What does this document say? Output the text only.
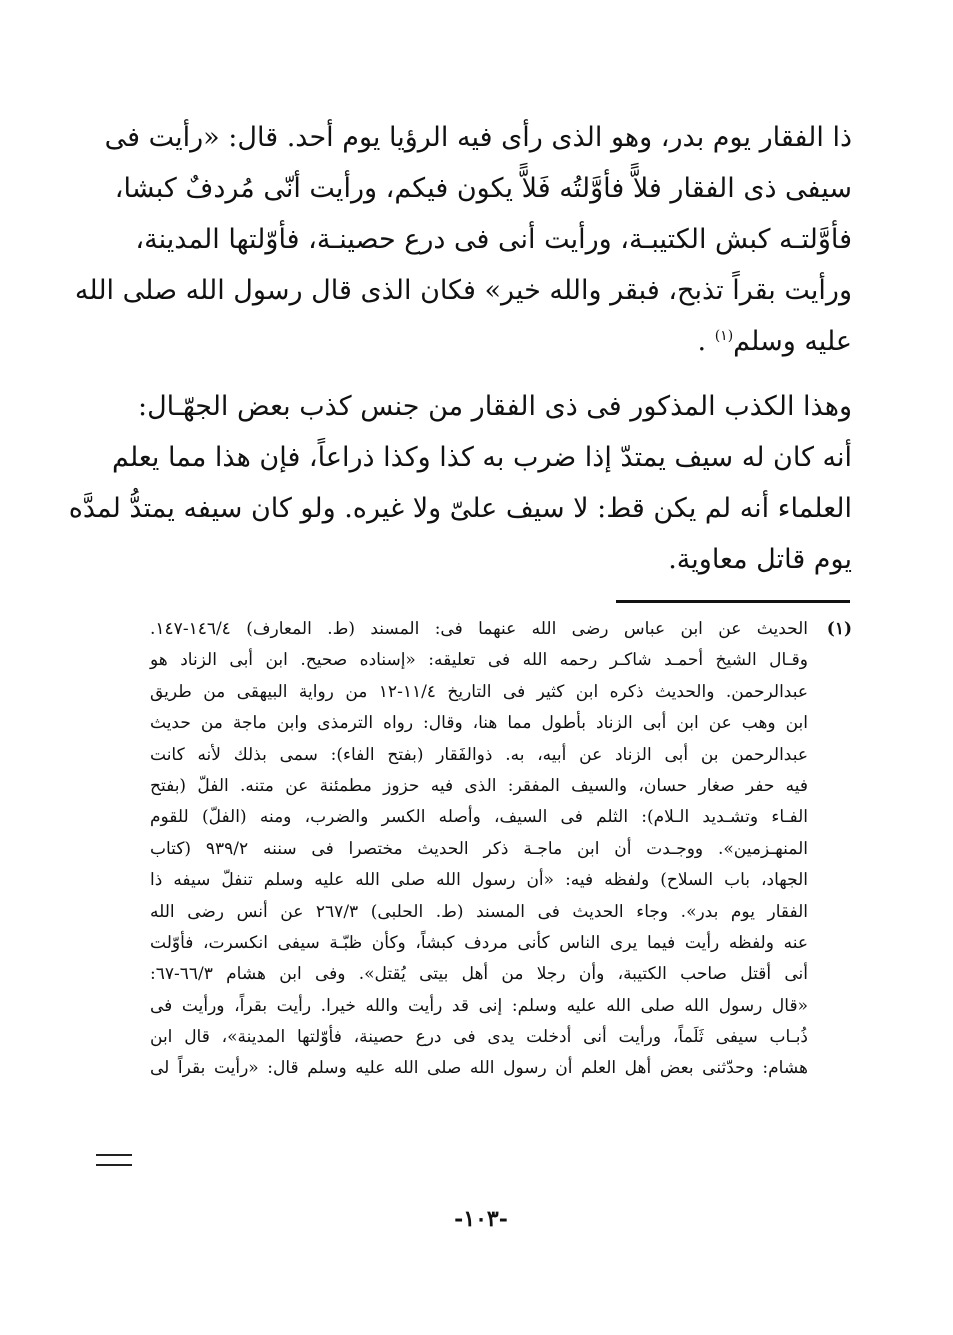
ذا الفقار يوم بدر، وهو الذى رأى فيه الرؤيا يوم أحد. قال: «رأيت فى
سيفى ذى الفقار فلاًّ فأوَّلتُه فَلاًّ يكون فيكم، ورأيت أنّى مُردفٌ كبشا،
فأوَّلتـه كبش الكتيبـة، ورأيت أنى فى درع حصينـة، فأوّلتها المدينة،
ورأيت بقراً تذبح، فبقر والله خير» فكان الذى قال رسول الله صلى الله
عليه وسلم$^{(١)}$ .
وهذا الكذب المذكور فى ذى الفقار من جنس كذب بعض الجهّـال:
أنه كان له سيف يمتدّ إذا ضرب به كذا وكذا ذراعاً، فإن هذا مما يعلم
العلماء أنه لم يكن قط: لا سيف علىّ ولا غيره. ولو كان سيفه يمتدُّ لمدَّه
يوم قاتل معاوية.
(١)
الحديث عن ابن عباس رضى الله عنهما فى: المسند (ط. المعارف) ١٤٦/٤-١٤٧.
وقـال الشيخ أحمـد شاكـر رحمه الله فى تعليقه: «إسناده صحيح. ابن أبى الزناد هو
عبدالرحمن. والحديث ذكره ابن كثير فى التاريخ ١١/٤-١٢ من رواية البيهقى من طريق
ابن وهب عن ابن أبى الزناد بأطول مما هنا، وقال: رواه الترمذى وابن ماجة من حديث
عبدالرحمن بن أبى الزناد عن أبيه، به. ذوالفَقار (بفتح الفاء): سمى بذلك لأنه كانت
فيه حفر صغار حسان، والسيف المفقر: الذى فيه حزوز مطمئنة عن متنه. الفلّ (بفتح
الفـاء وتشـديد الـلام): الثلم فى السيف، وأصله الكسر والضرب، ومنه (الفلّ) للقوم
المنهـزمين». ووجـدت أن ابن ماجـة ذكر الحديث مختصرا فى سننه ٩٣٩/٢ (كتاب
الجهاد، باب السلاح) ولفظه فيه: «أن رسول الله صلى الله عليه وسلم تنفلّ سيفه ذا
الفقار يوم بدر». وجاء الحديث فى المسند (ط. الحلبى) ٢٦٧/٣ عن أنس رضى الله
عنه ولفظه رأيت فيما يرى الناس كأنى مردف كبشاً، وكأن ظبّـة سيفى انكسرت، فأوّلت
أنى أقتل صاحب الكتيبة، وأن رجلا من أهل بيتى يُقتل». وفى ابن هشام ٦٦/٣-٦٧:
«قال رسول الله صلى الله عليه وسلم: إنى قد رأيت والله خيرا. رأيت بقراً، ورأيت فى
ذُبـاب سيفى ثَلَماً، ورأيت أنى أدخلت يدى فى درع حصينة، فأوّلتها المدينة»، قال ابن
هشام: وحدّثنى بعض أهل العلم أن رسول الله صلى الله عليه وسلم قال: «رأيت بقراً لى
-١٠٣-
